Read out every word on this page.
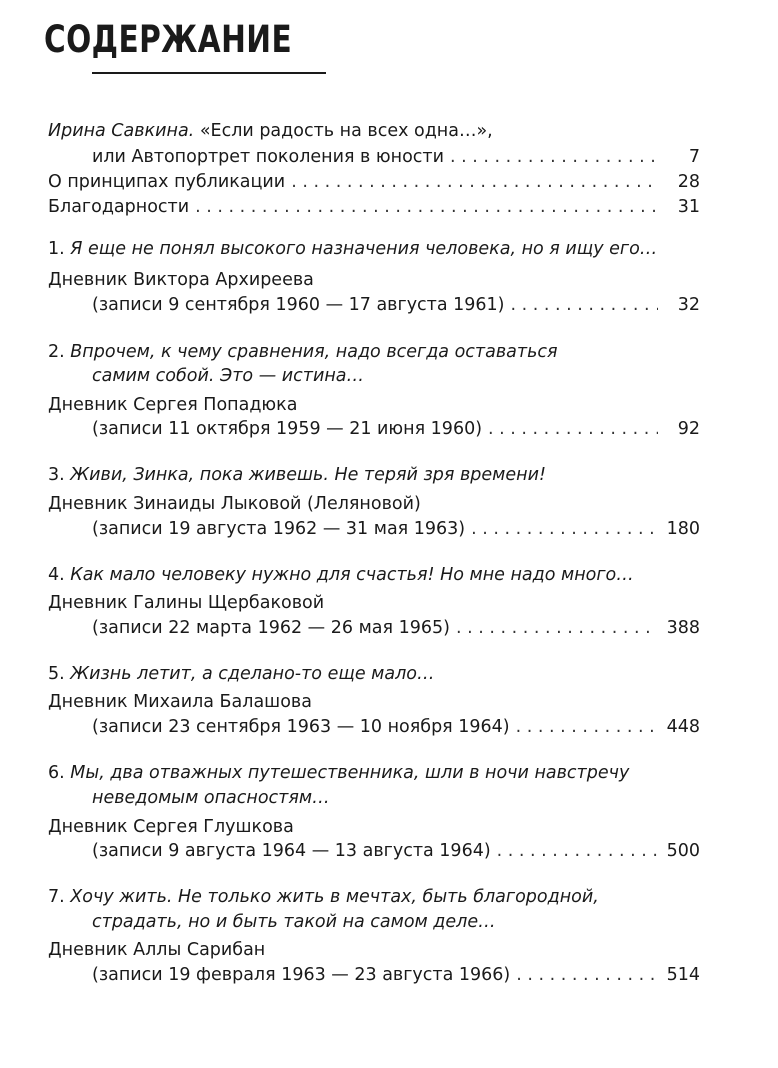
СОДЕРЖАНИЕ
Ирина Савкина.
«Если радость на всех одна…»,
или Автопортрет поколения в юности . . .	7
О принципах публикации . . .	28
Благодарности . . .	31
1.
Я еще не понял высокого назначения человека, но я ищу его…
Дневник Виктора Архиреева
(записи 9 сентября 1960 — 17 августа 1961) . . .	32
2.
Впрочем, к чему сравнения, надо всегда оставаться
самим собой. Это — истина…
Дневник Сергея Попадюка
(записи 11 октября 1959 — 21 июня 1960) . . .	92
3.
Живи, Зинка, пока живешь. Не теряй зря времени!
Дневник Зинаиды Лыковой (Леляновой)
(записи 19 августа 1962 — 31 мая 1963) . . .	180
4.
Как мало человеку нужно для счастья! Но мне надо много…
Дневник Галины Щербаковой
(записи 22 марта 1962 — 26 мая 1965) . . .	388
5.
Жизнь летит, а сделано-то еще мало…
Дневник Михаила Балашова
(записи 23 сентября 1963 — 10 ноября 1964) . . .	448
6.
Мы, два отважных путешественника, шли в ночи навстречу
неведомым опасностям…
Дневник Сергея Глушкова
(записи 9 августа 1964 — 13 августа 1964) . . .	500
7.
Хочу жить. Не только жить в мечтах, быть благородной,
страдать, но и быть такой на самом деле…
Дневник Аллы Сарибан
(записи 19 февраля 1963 — 23 августа 1966) . . .	514
